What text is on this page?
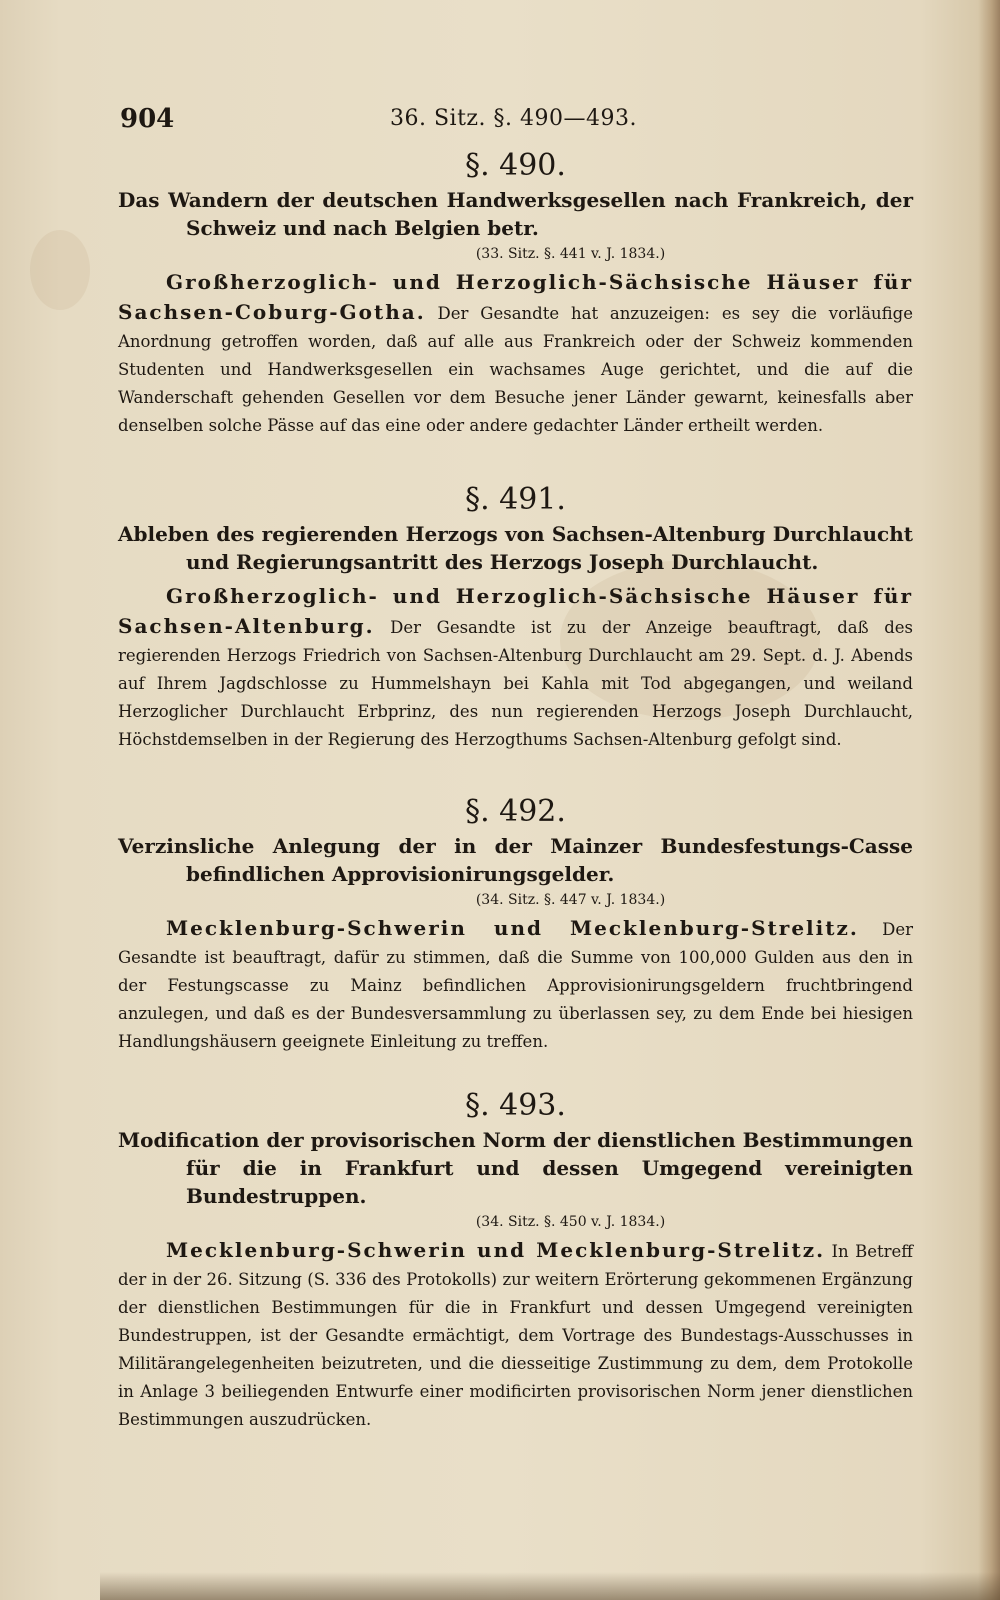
904	36. Sitz. §. 490—493.

§. 490.

Das Wandern der deutschen Handwerksgesellen nach Frankreich, der Schweiz und nach Belgien betr.

(33. Sitz. §. 441 v. J. 1834.)

Großherzoglich- und Herzoglich-Sächsische Häuser für Sachsen-Coburg-Gotha. Der Gesandte hat anzuzeigen: es sey die vorläufige Anordnung getroffen worden, daß auf alle aus Frankreich oder der Schweiz kommenden Studenten und Handwerksgesellen ein wachsames Auge gerichtet, und die auf die Wanderschaft gehenden Gesellen vor dem Besuche jener Länder gewarnt, keinesfalls aber denselben solche Pässe auf das eine oder andere gedachter Länder ertheilt werden.

§. 491.

Ableben des regierenden Herzogs von Sachsen-Altenburg Durchlaucht und Regierungsantritt des Herzogs Joseph Durchlaucht.

Großherzoglich- und Herzoglich-Sächsische Häuser für Sachsen-Altenburg. Der Gesandte ist zu der Anzeige beauftragt, daß des regierenden Herzogs Friedrich von Sachsen-Altenburg Durchlaucht am 29. Sept. d. J. Abends auf Ihrem Jagdschlosse zu Hummelshayn bei Kahla mit Tod abgegangen, und weiland Herzoglicher Durchlaucht Erbprinz, des nun regierenden Herzogs Joseph Durchlaucht, Höchstdemselben in der Regierung des Herzogthums Sachsen-Altenburg gefolgt sind.

§. 492.

Verzinsliche Anlegung der in der Mainzer Bundesfestungs-Casse befindlichen Approvisionirungsgelder.

(34. Sitz. §. 447 v. J. 1834.)

Mecklenburg-Schwerin und Mecklenburg-Strelitz. Der Gesandte ist beauftragt, dafür zu stimmen, daß die Summe von 100,000 Gulden aus den in der Festungscasse zu Mainz befindlichen Approvisionirungsgeldern fruchtbringend anzulegen, und daß es der Bundesversammlung zu überlassen sey, zu dem Ende bei hiesigen Handlungshäusern geeignete Einleitung zu treffen.

§. 493.

Modification der provisorischen Norm der dienstlichen Bestimmungen für die in Frankfurt und dessen Umgegend vereinigten Bundestruppen.

(34. Sitz. §. 450 v. J. 1834.)

Mecklenburg-Schwerin und Mecklenburg-Strelitz. In Betreff der in der 26. Sitzung (S. 336 des Protokolls) zur weitern Erörterung gekommenen Ergänzung der dienstlichen Bestimmungen für die in Frankfurt und dessen Umgegend vereinigten Bundestruppen, ist der Gesandte ermächtigt, dem Vortrage des Bundestags-Ausschusses in Militärangelegenheiten beizutreten, und die diesseitige Zustimmung zu dem, dem Protokolle in Anlage 3 beiliegenden Entwurfe einer modificirten provisorischen Norm jener dienstlichen Bestimmungen auszudrücken.
